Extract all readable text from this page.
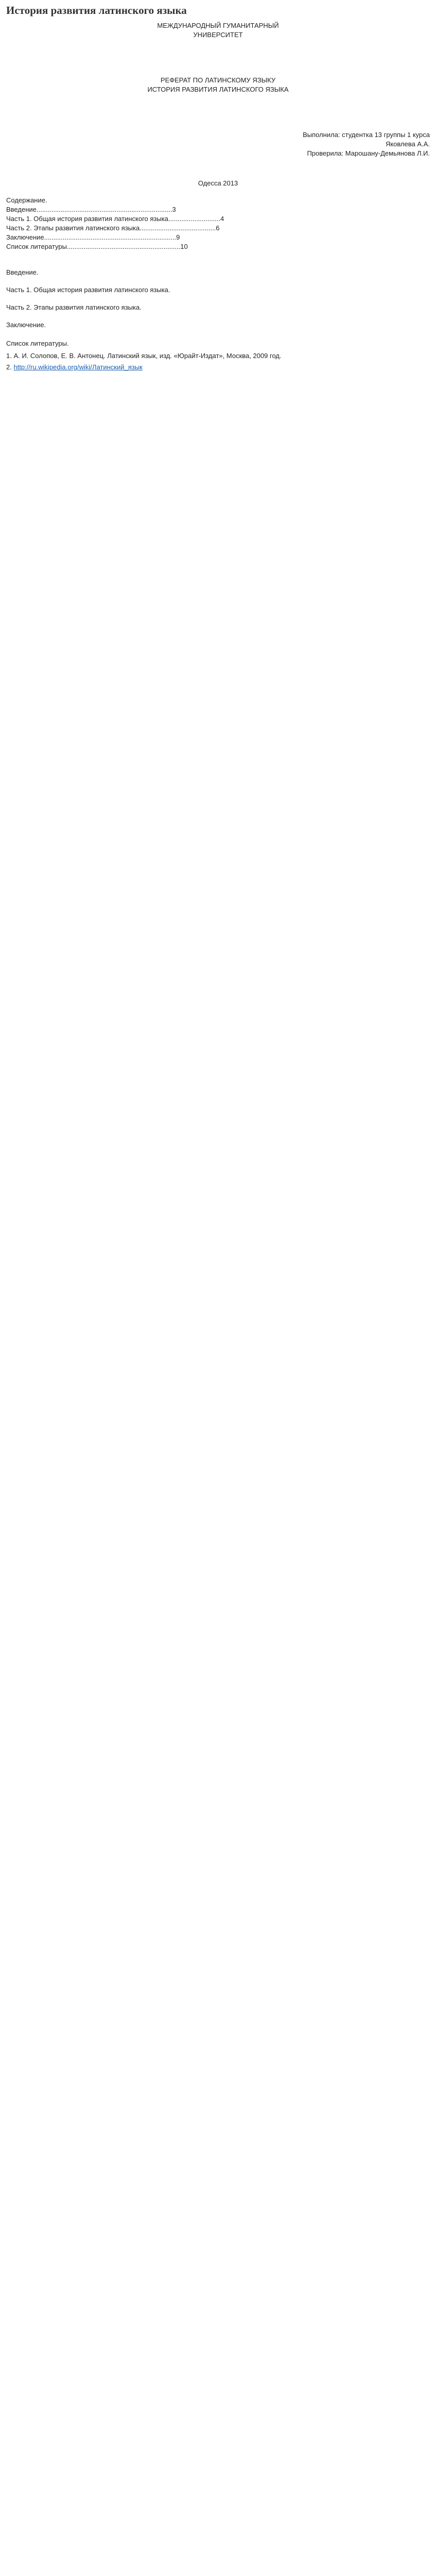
История развития латинского языка

МЕЖДУНАРОДНЫЙ ГУМАНИТАРНЫЙ

УНИВЕРСИТЕТ

РЕФЕРАТ ПО ЛАТИНСКОМУ ЯЗЫКУ

ИСТОРИЯ РАЗВИТИЯ ЛАТИНСКОГО ЯЗЫКА

Выполнила: студентка 13 группы 1 курса

Яковлева А.А.

Проверила: Марошану-Демьянова Л.И.

Одесса 2013

Содержание.

Введение.........................................................................3

Часть 1. Общая история развития латинского языка............................4

Часть 2. Этапы развития латинского языка.........................................6

Заключение.......................................................................9

Список литературы.............................................................10

Введение.

Часть 1. Общая история развития латинского языка.

Часть 2. Этапы развития латинского языка.

Заключение.

Список литературы.

1. А. И. Солопов, Е. В. Антонец. Латинский язык, изд. «Юрайт-Издат», Москва, 2009 год.

2. http://ru.wikipedia.org/wiki/Латинский_язык
